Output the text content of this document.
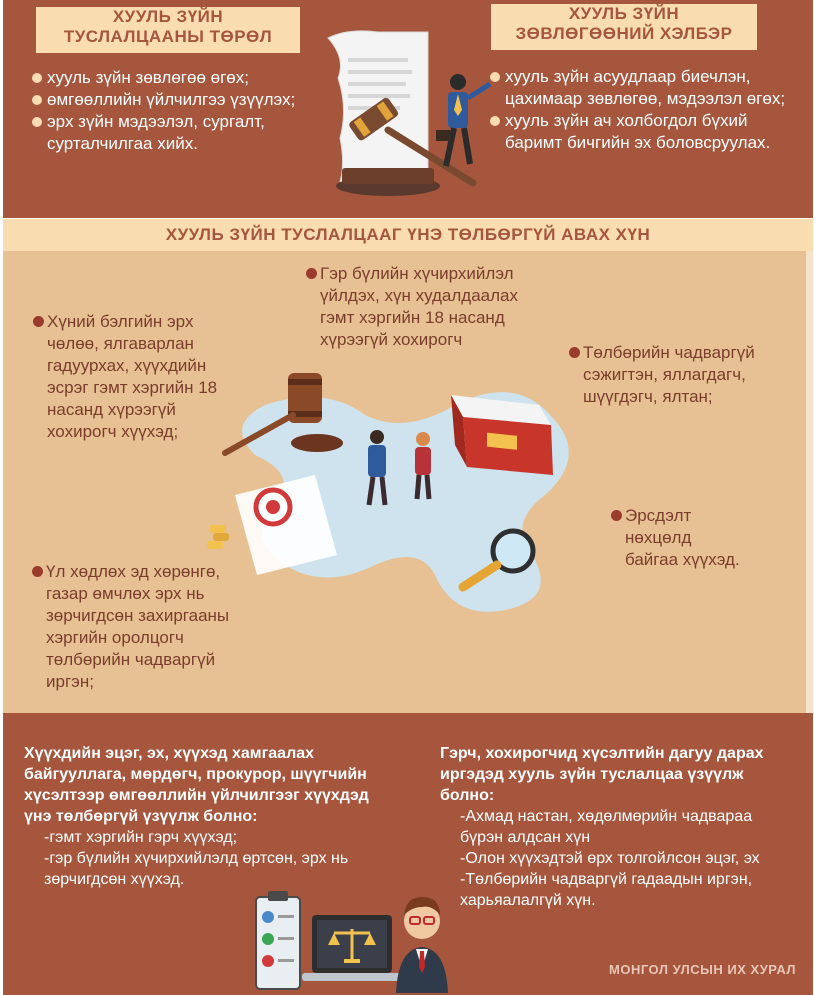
ХУУЛЬ ЗҮЙН
ТУСЛАЛЦААНЫ ТӨРӨЛ
ХУУЛЬ ЗҮЙН
ЗӨВЛӨГӨӨНИЙ ХЭЛБЭР
хууль зүйн зөвлөгөө өгөх;
өмгөөллийн үйлчилгээ үзүүлэх;
эрх зүйн мэдээлэл, сургалт, сурталчилгаа хийх.
хууль зүйн асуудлаар биечлэн, цахимаар зөвлөгөө, мэдээлэл өгөх;
хууль зүйн ач холбогдол бүхий баримт бичгийн эх боловсруулах.
ХУУЛЬ ЗҮЙН ТУСЛАЛЦААГ ҮНЭ ТӨЛБӨРГҮЙ АВАХ ХҮН
LAW
Хүний бэлгийн эрх чөлөө, ялгаварлан гадуурхах, хүүхдийн эсрэг гэмт хэргийн 18 насанд хүрээгүй хохирогч хүүхэд;
Гэр бүлийн хүчирхийлэл үйлдэх, хүн худалдаалах гэмт хэргийн 18 насанд хүрээгүй хохирогч
Төлбөрийн чадваргүй сэжигтэн, яллагдагч, шүүгдэгч, ялтан;
Эрсдэлт нөхцөлд байгаа хүүхэд.
Үл хөдлөх эд хөрөнгө, газар өмчлөх эрх нь зөрчигдсөн захиргааны хэргийн оролцогч төлбөрийн чадваргүй иргэн;
Хүүхдийн эцэг, эх, хүүхэд хамгаалах байгууллага, мөрдөгч, прокурор, шүүгчийн хүсэлтээр өмгөөллийн үйлчилгээг хүүхдэд үнэ төлбөргүй үзүүлж болно:
-гэмт хэргийн гэрч хүүхэд;
-гэр бүлийн хүчирхийлэлд өртсөн, эрх нь зөрчигдсөн хүүхэд.
Гэрч, хохирогчид хүсэлтийн дагуу дарах иргэдэд хууль зүйн туслалцаа үзүүлж болно:
-Ахмад настан, хөдөлмөрийн чадвараа бүрэн алдсан хүн
-Олон хүүхэдтэй өрх толгойлсон эцэг, эх
-Төлбөрийн чадваргүй гадаадын иргэн, харьяалалгүй хүн.
МОНГОЛ УЛСЫН ИХ ХУРАЛ
